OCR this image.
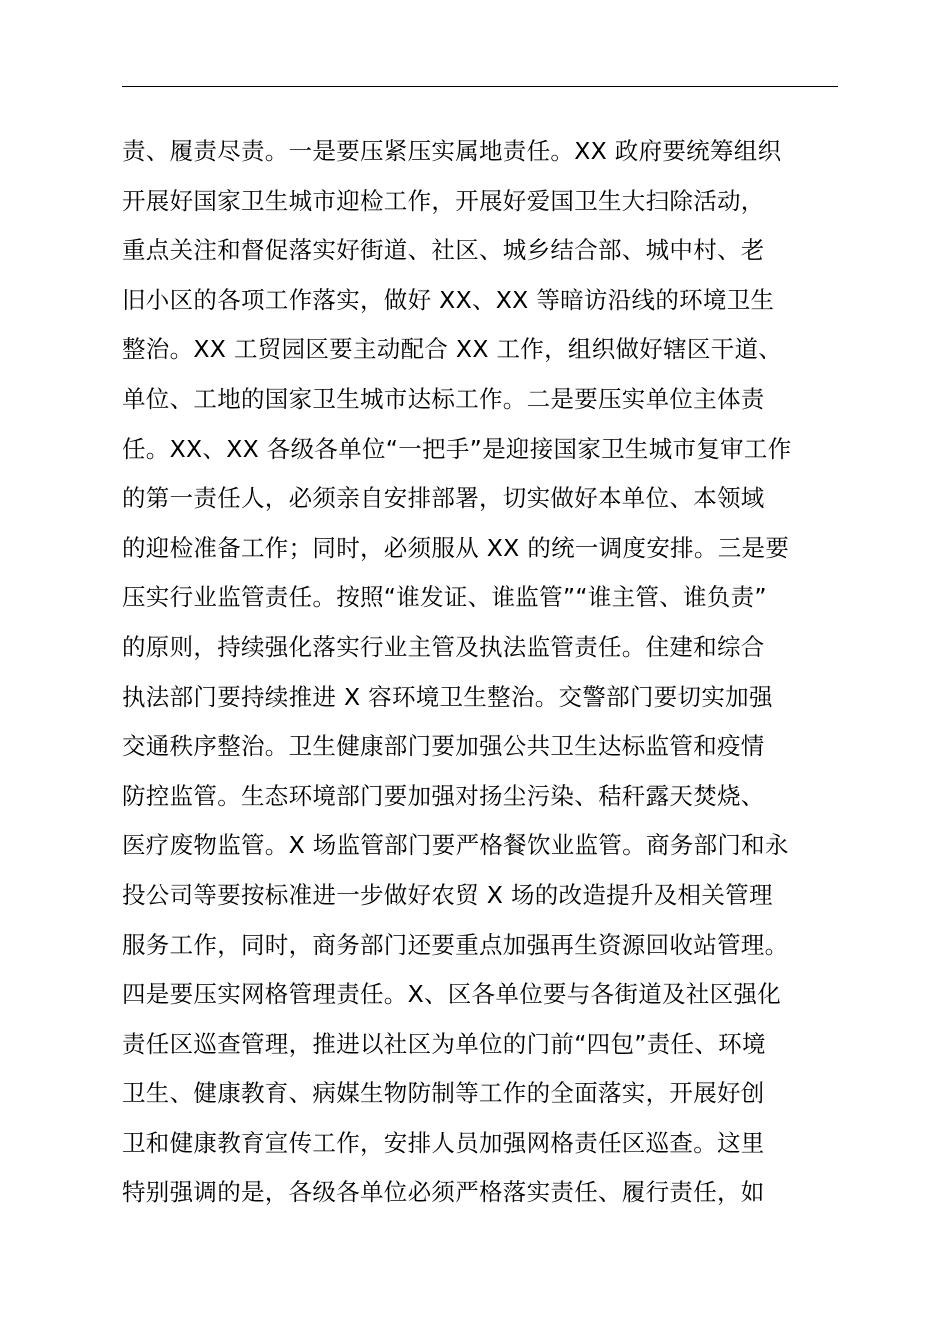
责、履责尽责。一是要压紧压实属地责任。XX 政府要统筹组织
开展好国家卫生城市迎检工作，开展好爱国卫生大扫除活动，
重点关注和督促落实好街道、社区、城乡结合部、城中村、老
旧小区的各项工作落实，做好 XX、XX 等暗访沿线的环境卫生
整治。XX 工贸园区要主动配合 XX 工作，组织做好辖区干道、
单位、工地的国家卫生城市达标工作。二是要压实单位主体责
任。XX、XX 各级各单位“一把手”是迎接国家卫生城市复审工作
的第一责任人，必须亲自安排部署，切实做好本单位、本领域
的迎检准备工作；同时，必须服从 XX 的统一调度安排。三是要
压实行业监管责任。按照“谁发证、谁监管”“谁主管、谁负责”
的原则，持续强化落实行业主管及执法监管责任。住建和综合
执法部门要持续推进 X 容环境卫生整治。交警部门要切实加强
交通秩序整治。卫生健康部门要加强公共卫生达标监管和疫情
防控监管。生态环境部门要加强对扬尘污染、秸秆露天焚烧、
医疗废物监管。X 场监管部门要严格餐饮业监管。商务部门和永
投公司等要按标准进一步做好农贸 X 场的改造提升及相关管理
服务工作，同时，商务部门还要重点加强再生资源回收站管理。
四是要压实网格管理责任。X、区各单位要与各街道及社区强化
责任区巡查管理，推进以社区为单位的门前“四包”责任、环境
卫生、健康教育、病媒生物防制等工作的全面落实，开展好创
卫和健康教育宣传工作，安排人员加强网格责任区巡查。这里
特别强调的是，各级各单位必须严格落实责任、履行责任，如
